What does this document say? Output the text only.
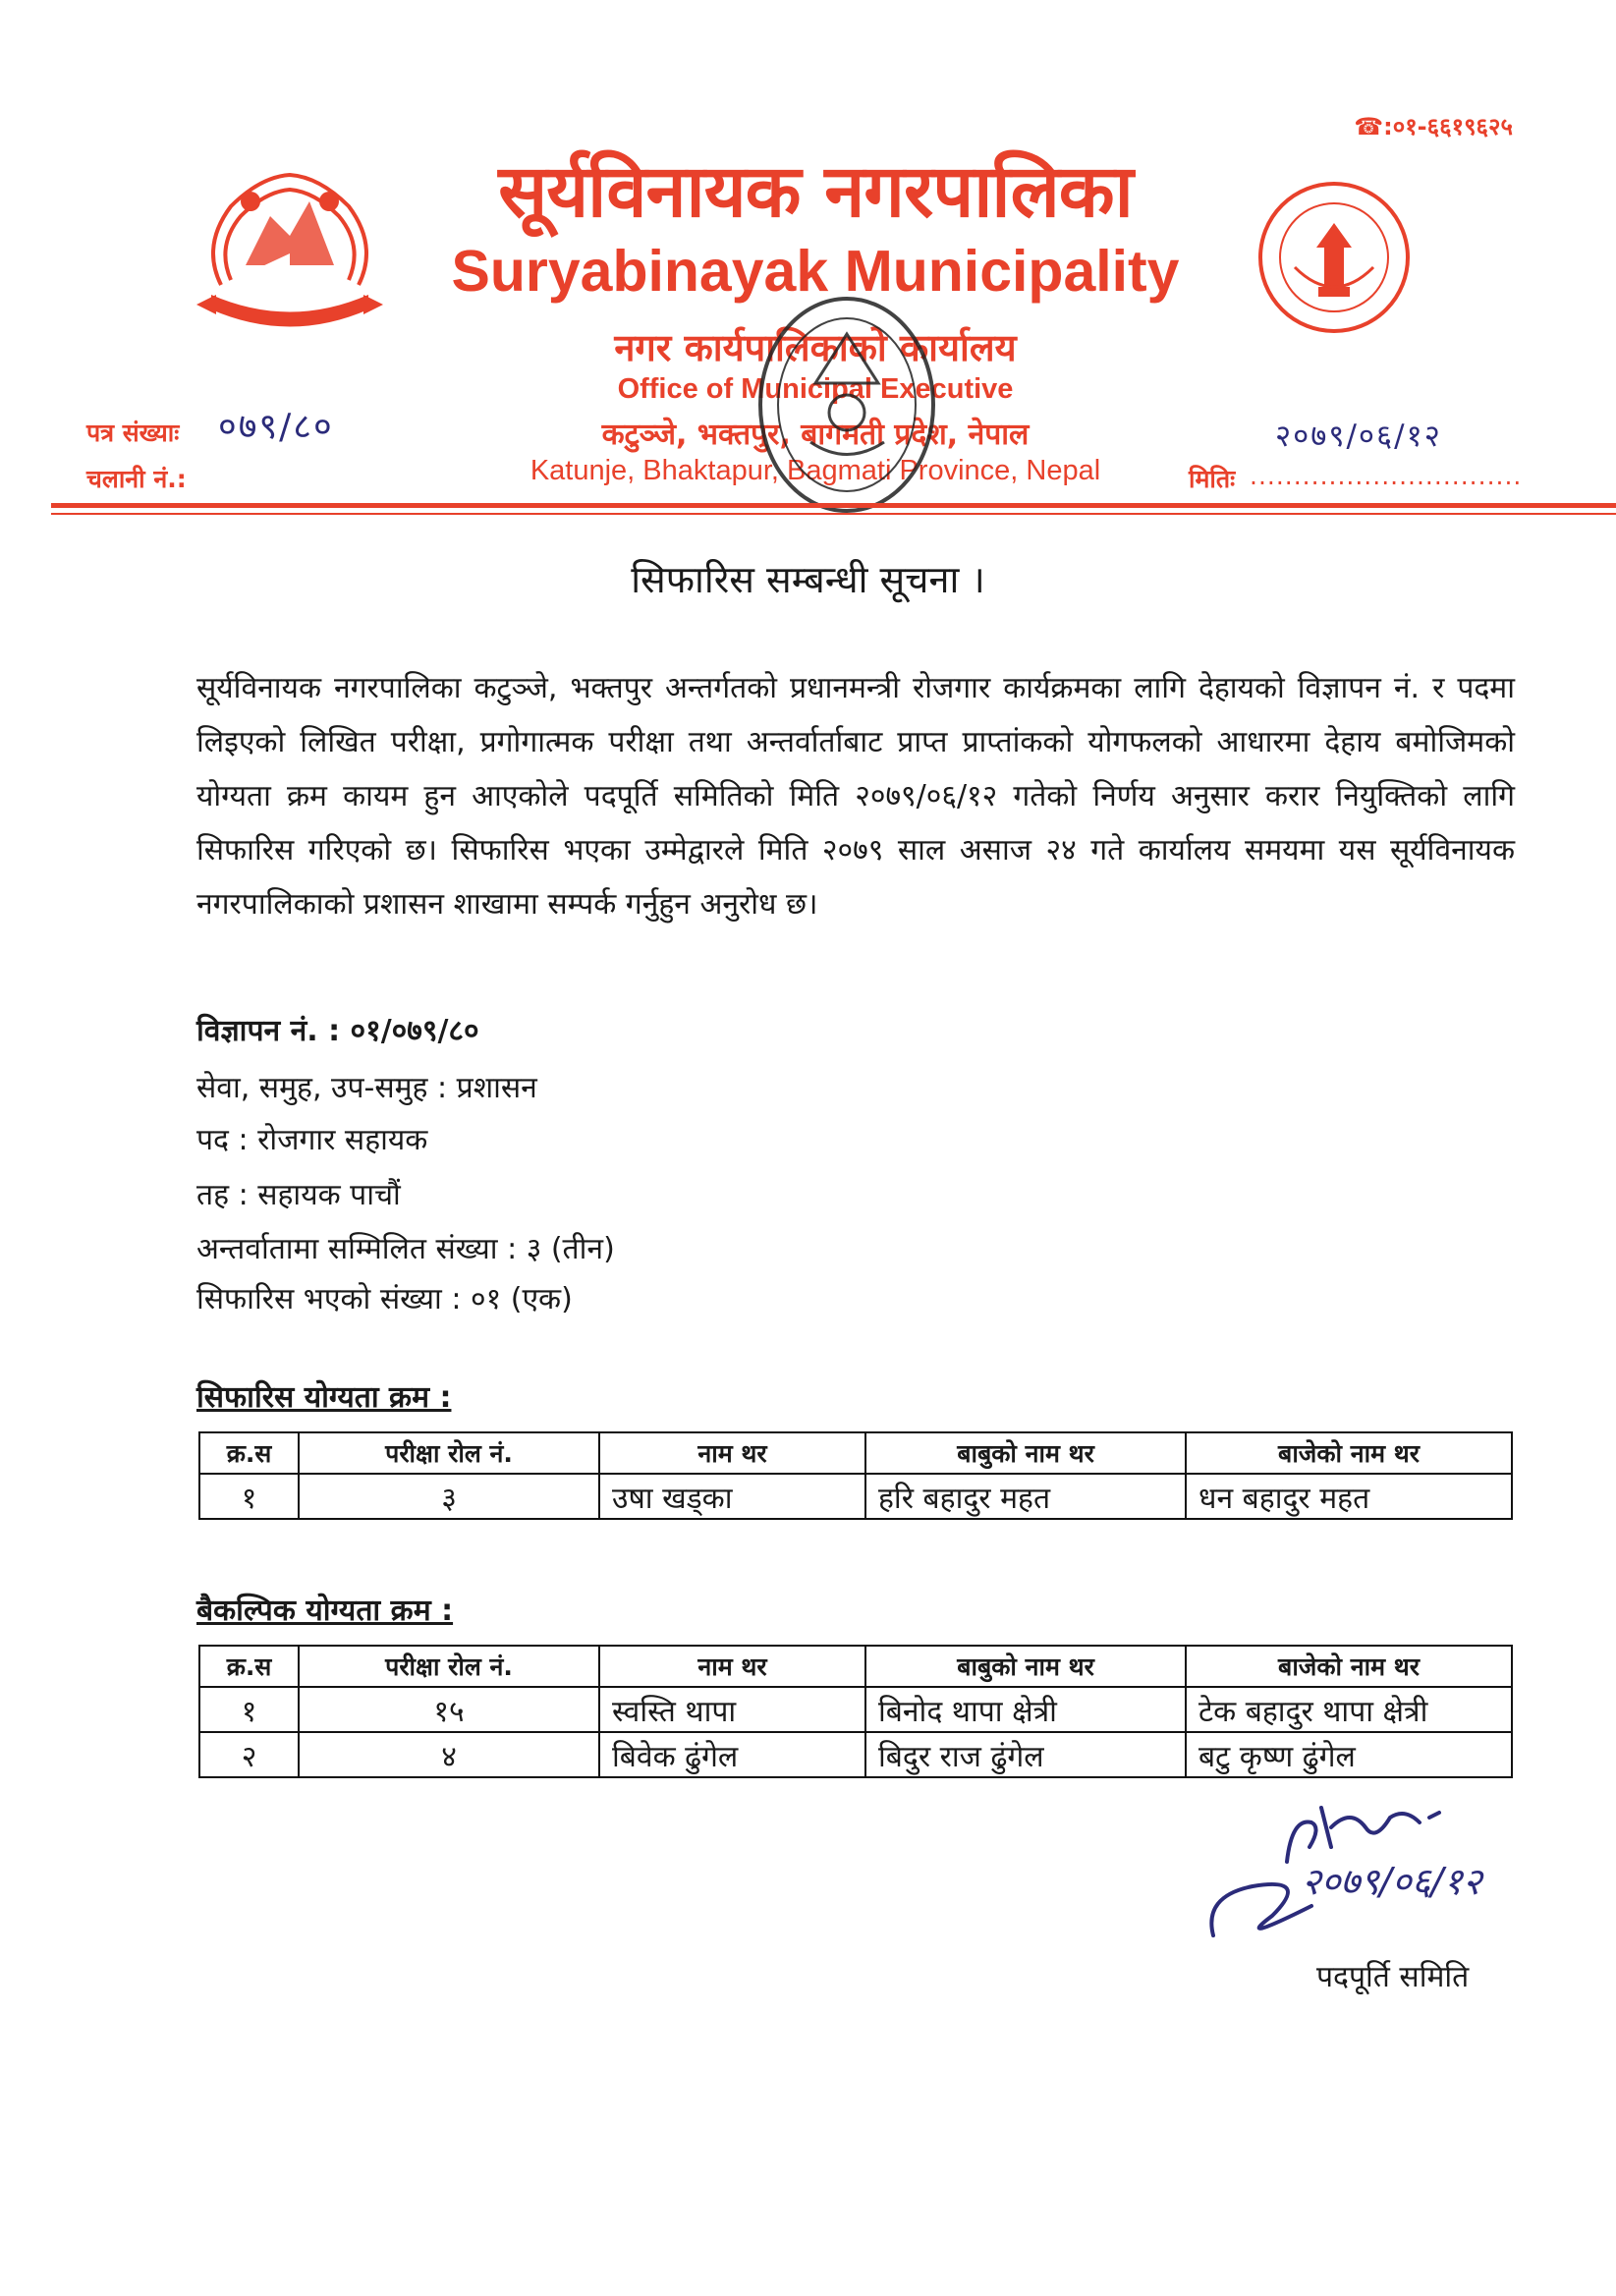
☎:०१-६६१९६२५
सूर्यविनायक नगरपालिका
Suryabinayak Municipality
नगर कार्यपालिकाको कार्यालय
Office of Municipal Executive
कटुञ्जे, भक्तपुर, बागमती प्रदेश, नेपाल
Katunje, Bhaktapur, Bagmati Province, Nepal
पत्र संख्याः ०७९/८०
चलानी नं.:
२०७९/०६/१२
मितिः ...............................
सिफारिस सम्बन्धी सूचना ।
सूर्यविनायक नगरपालिका कटुञ्जे, भक्तपुर अन्तर्गतको प्रधानमन्त्री रोजगार कार्यक्रमका लागि देहायको विज्ञापन नं. र पदमा लिइएको लिखित परीक्षा, प्रगोगात्मक परीक्षा तथा अन्तर्वार्ताबाट प्राप्त प्राप्तांकको योगफलको आधारमा देहाय बमोजिमको योग्यता क्रम कायम हुन आएकोले पदपूर्ति समितिको मिति २०७९/०६/१२ गतेको निर्णय अनुसार करार नियुक्तिको लागि सिफारिस गरिएको छ। सिफारिस भएका उम्मेद्वारले मिति २०७९ साल असाज २४ गते कार्यालय समयमा यस सूर्यविनायक नगरपालिकाको प्रशासन शाखामा सम्पर्क गर्नुहुन अनुरोध छ।
विज्ञापन नं. : ०१/०७९/८०
सेवा, समुह, उप-समुह : प्रशासन
पद : रोजगार सहायक
तह : सहायक पाचौं
अन्तर्वातामा सम्मिलित संख्या : ३ (तीन)
सिफारिस भएको संख्या : ०१ (एक)
सिफारिस योग्यता क्रम :
क्र.स	परीक्षा रोल नं.	नाम थर	बाबुको नाम थर	बाजेको नाम थर
१	३	उषा खड्का	हरि बहादुर महत	धन बहादुर महत
बैकल्पिक योग्यता क्रम :
क्र.स	परीक्षा रोल नं.	नाम थर	बाबुको नाम थर	बाजेको नाम थर
१	१५	स्वस्ति थापा	बिनोद थापा क्षेत्री	टेक बहादुर थापा क्षेत्री
२	४	बिवेक ढुंगेल	बिदुर राज ढुंगेल	बटु कृष्ण ढुंगेल
२०७९/०६/१२
पदपूर्ति समिति
